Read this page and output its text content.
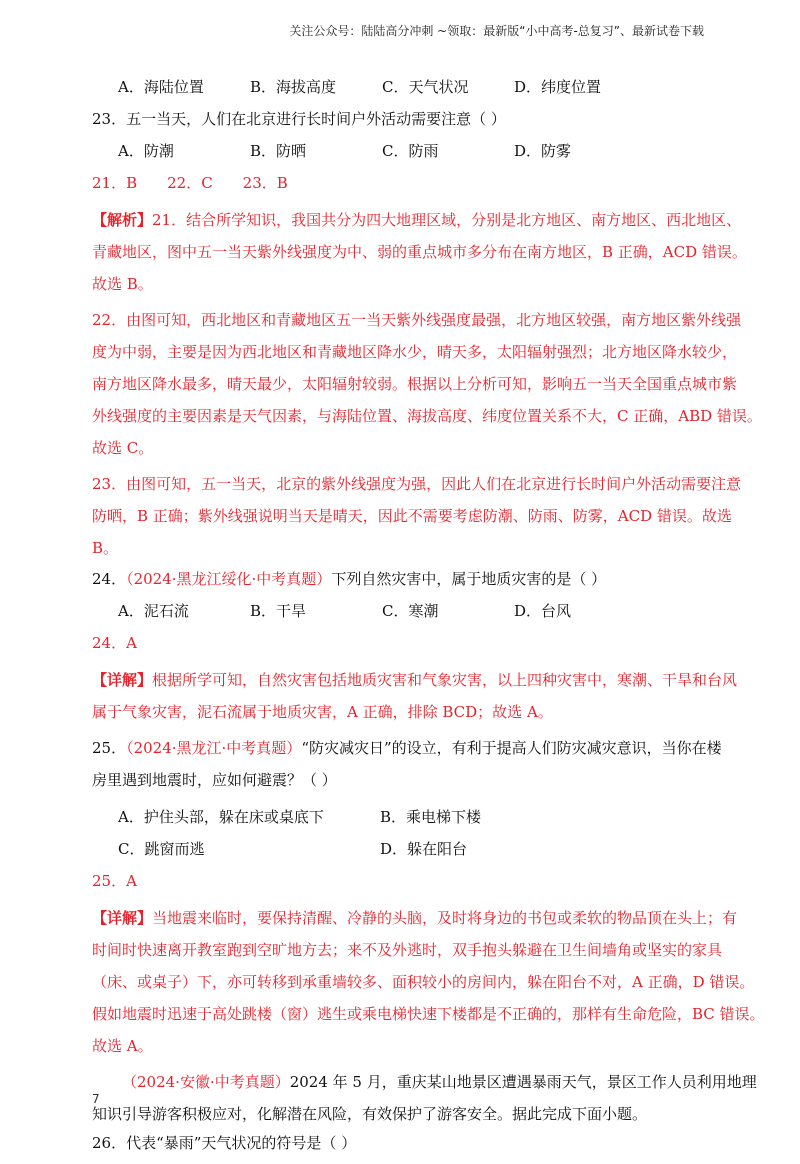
关注公众号：陆陆高分冲刺 ~领取：最新版“小中高考-总复习”、最新试卷下载
A．海陆位置	B．海拔高度	C．天气状况	D．纬度位置
23．五一当天，人们在北京进行长时间户外活动需要注意（ ）
A．防潮	B．防晒	C．防雨	D．防雾
21．B　　22．C　　23．B
【解析】21．结合所学知识，我国共分为四大地理区域，分别是北方地区、南方地区、西北地区、
青藏地区，图中五一当天紫外线强度为中、弱的重点城市多分布在南方地区，B 正确，ACD 错误。
故选 B。
22．由图可知，西北地区和青藏地区五一当天紫外线强度最强，北方地区较强，南方地区紫外线强
度为中弱，主要是因为西北地区和青藏地区降水少，晴天多，太阳辐射强烈；北方地区降水较少，
南方地区降水最多，晴天最少，太阳辐射较弱。根据以上分析可知，影响五一当天全国重点城市紫
外线强度的主要因素是天气因素，与海陆位置、海拔高度、纬度位置关系不大，C 正确，ABD 错误。
故选 C。
23．由图可知，五一当天，北京的紫外线强度为强，因此人们在北京进行长时间户外活动需要注意
防晒，B 正确；紫外线强说明当天是晴天，因此不需要考虑防潮、防雨、防雾，ACD 错误。故选
B。
24．（2024·黑龙江绥化·中考真题）下列自然灾害中，属于地质灾害的是（ ）
A．泥石流	B．干旱	C．寒潮	D．台风
24．A
【详解】根据所学可知，自然灾害包括地质灾害和气象灾害，以上四种灾害中，寒潮、干旱和台风
属于气象灾害，泥石流属于地质灾害，A 正确，排除 BCD；故选 A。
25．（2024·黑龙江·中考真题）“防灾减灾日”的设立，有利于提高人们防灾减灾意识，当你在楼
房里遇到地震时，应如何避震？（ ）
A．护住头部，躲在床或桌底下	B．乘电梯下楼
C．跳窗而逃	D．躲在阳台
25．A
【详解】当地震来临时，要保持清醒、冷静的头脑，及时将身边的书包或柔软的物品顶在头上；有
时间时快速离开教室跑到空旷地方去；来不及外逃时，双手抱头躲避在卫生间墙角或坚实的家具
（床、或桌子）下，亦可转移到承重墙较多、面积较小的房间内，躲在阳台不对，A 正确，D 错误。
假如地震时迅速于高处跳楼（窗）逃生或乘电梯快速下楼都是不正确的，那样有生命危险，BC 错误。
故选 A。
（2024·安徽·中考真题）2024 年 5 月，重庆某山地景区遭遇暴雨天气，景区工作人员利用地理
知识引导游客积极应对，化解潜在风险，有效保护了游客安全。据此完成下面小题。
26．代表“暴雨”天气状况的符号是（ ）
7
